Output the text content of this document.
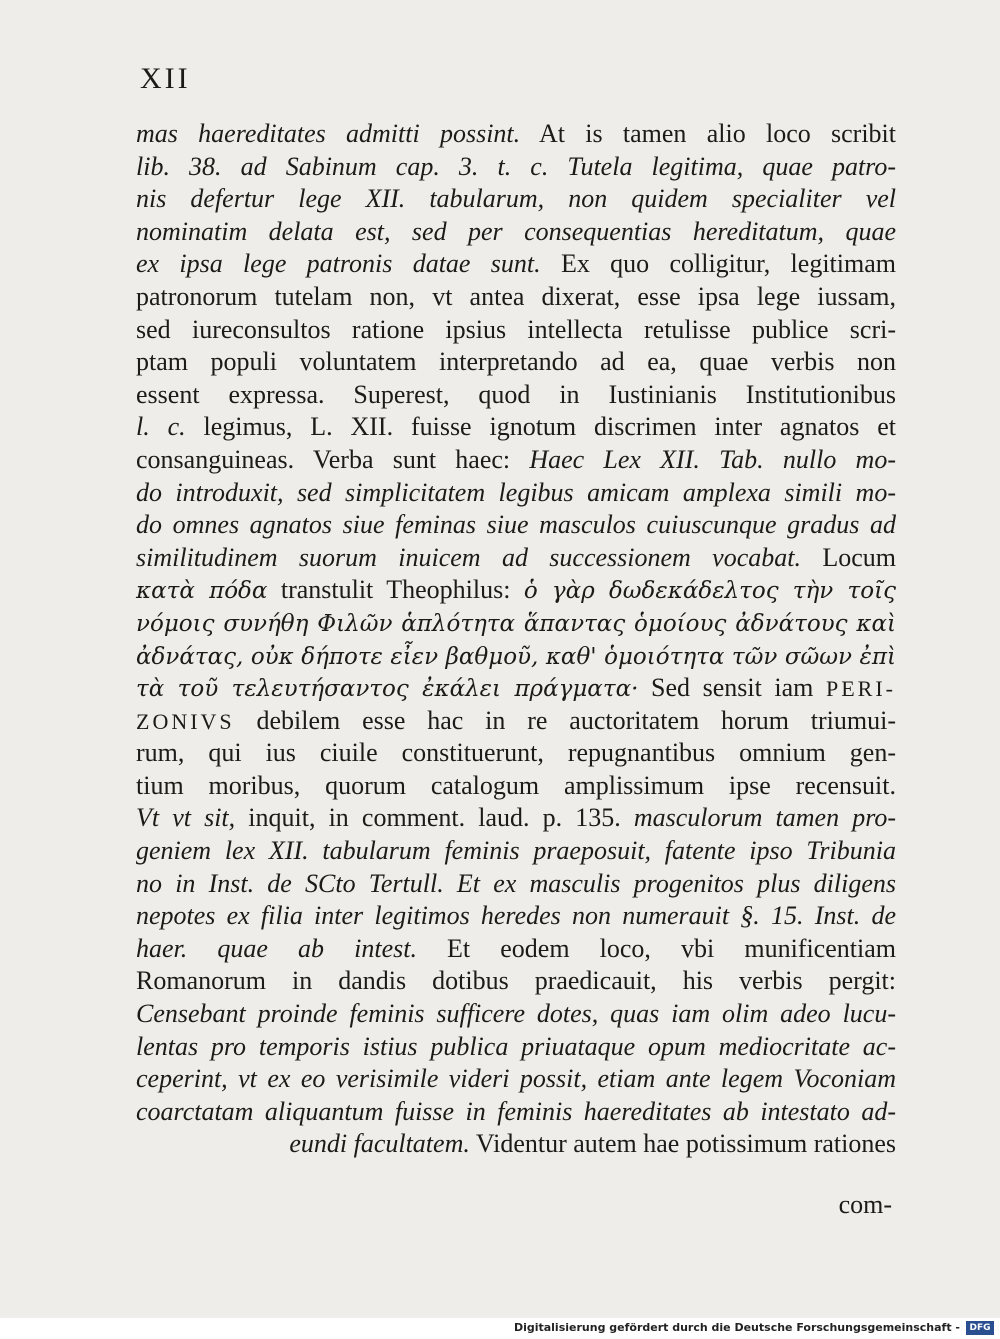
XII
mas haereditates admitti possint. At is tamen alio loco scribit
lib. 38. ad Sabinum cap. 3. t. c. Tutela legitima, quae patro-
nis defertur lege XII. tabularum, non quidem specialiter vel
nominatim delata est, sed per consequentias hereditatum, quae
ex ipsa lege patronis datae sunt. Ex quo colligitur, legitimam
patronorum tutelam non, vt antea dixerat, esse ipsa lege iussam,
sed iureconsultos ratione ipsius intellecta retulisse publice scri-
ptam populi voluntatem interpretando ad ea, quae verbis non
essent expressa. Superest, quod in Iustinianis Institutionibus
l. c. legimus, L. XII. fuisse ignotum discrimen inter agnatos et
consanguineas. Verba sunt haec: Haec Lex XII. Tab. nullo mo-
do introduxit, sed simplicitatem legibus amicam amplexa simili mo-
do omnes agnatos siue feminas siue masculos cuiuscunque gradus ad
similitudinem suorum inuicem ad successionem vocabat. Locum
κατὰ πόδα transtulit Theophilus: ὁ γὰρ δωδεκάδελτος τὴν τοῖς
νόμοις συνήθη Φιλῶν ἁπλότητα ἅπαντας ὁμοίους ἀδνάτους καὶ
ἀδνάτας, οὐκ δήποτε εἶεν βαθμοῦ, καθ' ὁμοιότητα τῶν σῶων ἐπὶ
τὰ τοῦ τελευτήσαντος ἐκάλει πράγματα· Sed sensit iam PERI-
ZONIVS debilem esse hac in re auctoritatem horum triumui-
rum, qui ius ciuile constituerunt, repugnantibus omnium gen-
tium moribus, quorum catalogum amplissimum ipse recensuit.
Vt vt sit, inquit, in comment. laud. p. 135. masculorum tamen pro-
geniem lex XII. tabularum feminis praeposuit, fatente ipso Tribunia
no in Inst. de SCto Tertull. Et ex masculis progenitos plus diligens
nepotes ex filia inter legitimos heredes non numerauit §. 15. Inst. de
haer. quae ab intest. Et eodem loco, vbi munificentiam
Romanorum in dandis dotibus praedicauit, his verbis pergit:
Censebant proinde feminis sufficere dotes, quas iam olim adeo lucu-
lentas pro temporis istius publica priuataque opum mediocritate ac-
ceperint, vt ex eo verisimile videri possit, etiam ante legem Voconiam
coarctatam aliquantum fuisse in feminis haereditates ab intestato ad-
eundi facultatem. Videntur autem hae potissimum rationes
com-
Digitalisierung gefördert durch die Deutsche Forschungsgemeinschaft -	DFG
